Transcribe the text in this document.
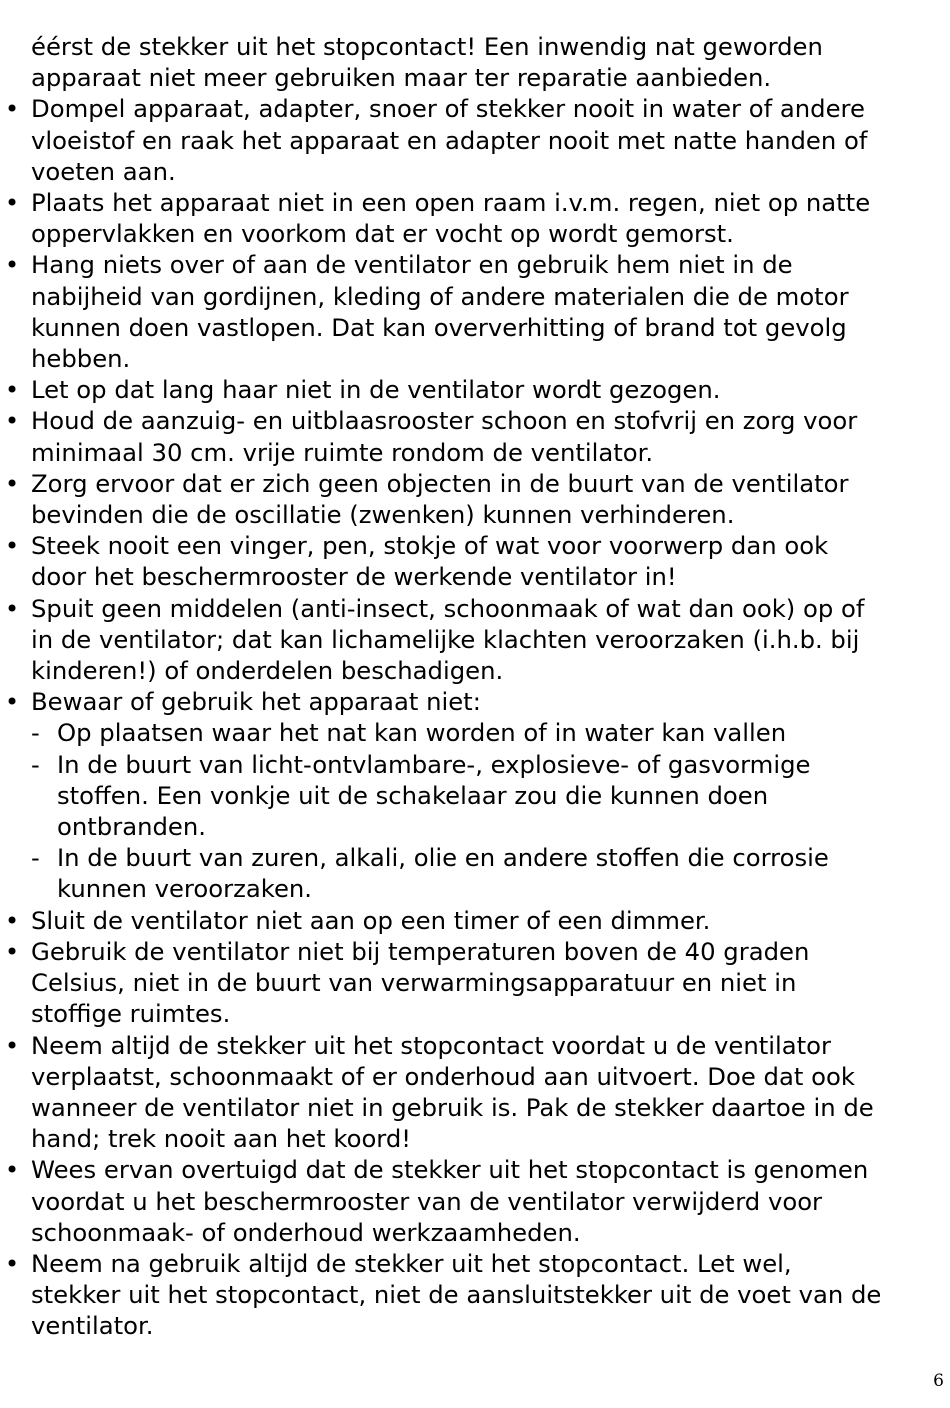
éérst de stekker uit het stopcontact! Een inwendig nat geworden
apparaat niet meer gebruiken maar ter reparatie aanbieden.
• Dompel apparaat, adapter, snoer of stekker nooit in water of andere
vloeistof en raak het apparaat en adapter nooit met natte handen of
voeten aan.
• Plaats het apparaat niet in een open raam i.v.m. regen, niet op natte
oppervlakken en voorkom dat er vocht op wordt gemorst.
• Hang niets over of aan de ventilator en gebruik hem niet in de
nabijheid van gordijnen, kleding of andere materialen die de motor
kunnen doen vastlopen. Dat kan oververhitting of brand tot gevolg
hebben.
• Let op dat lang haar niet in de ventilator wordt gezogen.
• Houd de aanzuig- en uitblaasrooster schoon en stofvrij en zorg voor
minimaal 30 cm. vrije ruimte rondom de ventilator.
• Zorg ervoor dat er zich geen objecten in de buurt van de ventilator
bevinden die de oscillatie (zwenken) kunnen verhinderen.
• Steek nooit een vinger, pen, stokje of wat voor voorwerp dan ook
door het beschermrooster de werkende ventilator in!
• Spuit geen middelen (anti-insect, schoonmaak of wat dan ook) op of
in de ventilator; dat kan lichamelijke klachten veroorzaken (i.h.b. bij
kinderen!) of onderdelen beschadigen.
• Bewaar of gebruik het apparaat niet:
- Op plaatsen waar het nat kan worden of in water kan vallen
- In de buurt van licht-ontvlambare-, explosieve- of gasvormige
stoffen. Een vonkje uit de schakelaar zou die kunnen doen
ontbranden.
- In de buurt van zuren, alkali, olie en andere stoffen die corrosie
kunnen veroorzaken.
• Sluit de ventilator niet aan op een timer of een dimmer.
• Gebruik de ventilator niet bij temperaturen boven de 40 graden
Celsius, niet in de buurt van verwarmingsapparatuur en niet in
stoffige ruimtes.
• Neem altijd de stekker uit het stopcontact voordat u de ventilator
verplaatst, schoonmaakt of er onderhoud aan uitvoert. Doe dat ook
wanneer de ventilator niet in gebruik is. Pak de stekker daartoe in de
hand; trek nooit aan het koord!
• Wees ervan overtuigd dat de stekker uit het stopcontact is genomen
voordat u het beschermrooster van de ventilator verwijderd voor
schoonmaak- of onderhoud werkzaamheden.
• Neem na gebruik altijd de stekker uit het stopcontact. Let wel,
stekker uit het stopcontact, niet de aansluitstekker uit de voet van de
ventilator.
6
